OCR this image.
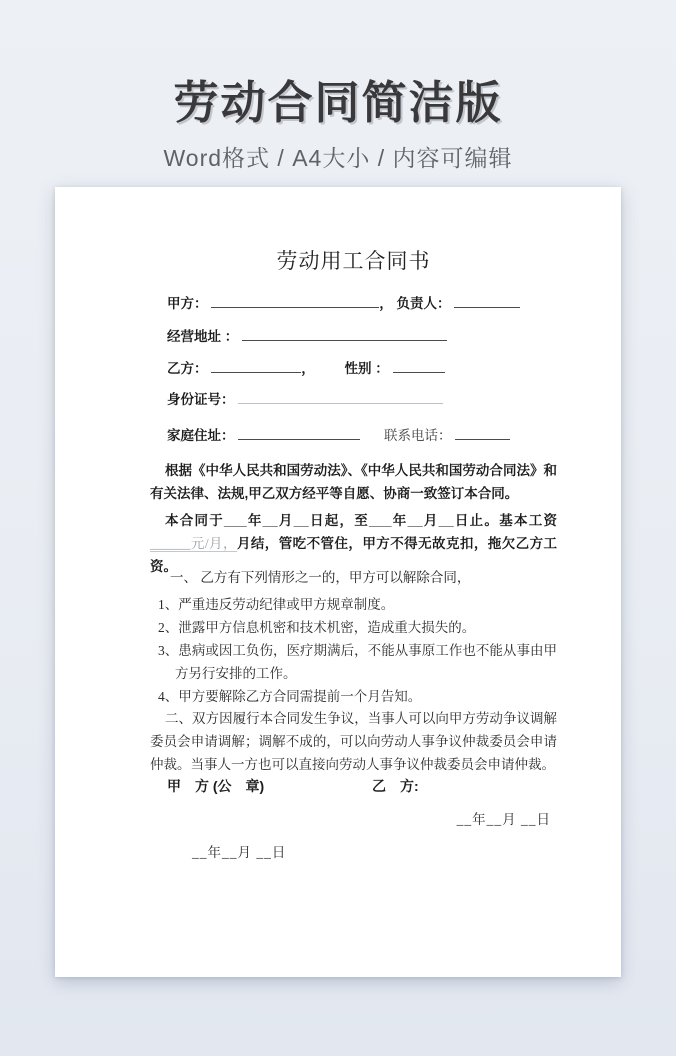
劳动合同简洁版
Word格式 / A4大小 / 内容可编辑
劳动用工合同书
甲方：	， 负责人：
经营地址 ：
乙方：	， 性别 ：
身份证号：
家庭住址：	联系电话：
根据《中华人民共和国劳动法》、《中华人民共和国劳动合同法》和有关法律、法规,甲乙双方经平等自愿、协商一致签订本合同。
本合同于___年__月__日起，至___年__月__日止。基本工资______元/月，月结，管吃不管住，甲方不得无故克扣，拖欠乙方工资。
一、 乙方有下列情形之一的，甲方可以解除合同，
1、严重违反劳动纪律或甲方规章制度。
2、泄露甲方信息机密和技术机密，造成重大损失的。
3、患病或因工负伤，医疗期满后，不能从事原工作也不能从事由甲方另行安排的工作。
4、甲方要解除乙方合同需提前一个月告知。
二、双方因履行本合同发生争议，当事人可以向甲方劳动争议调解委员会申请调解；调解不成的，可以向劳动人事争议仲裁委员会申请仲裁。当事人一方也可以直接向劳动人事争议仲裁委员会申请仲裁。
甲　方 (公　章)	乙　方:
__年__月 __日
__年__月 __日
